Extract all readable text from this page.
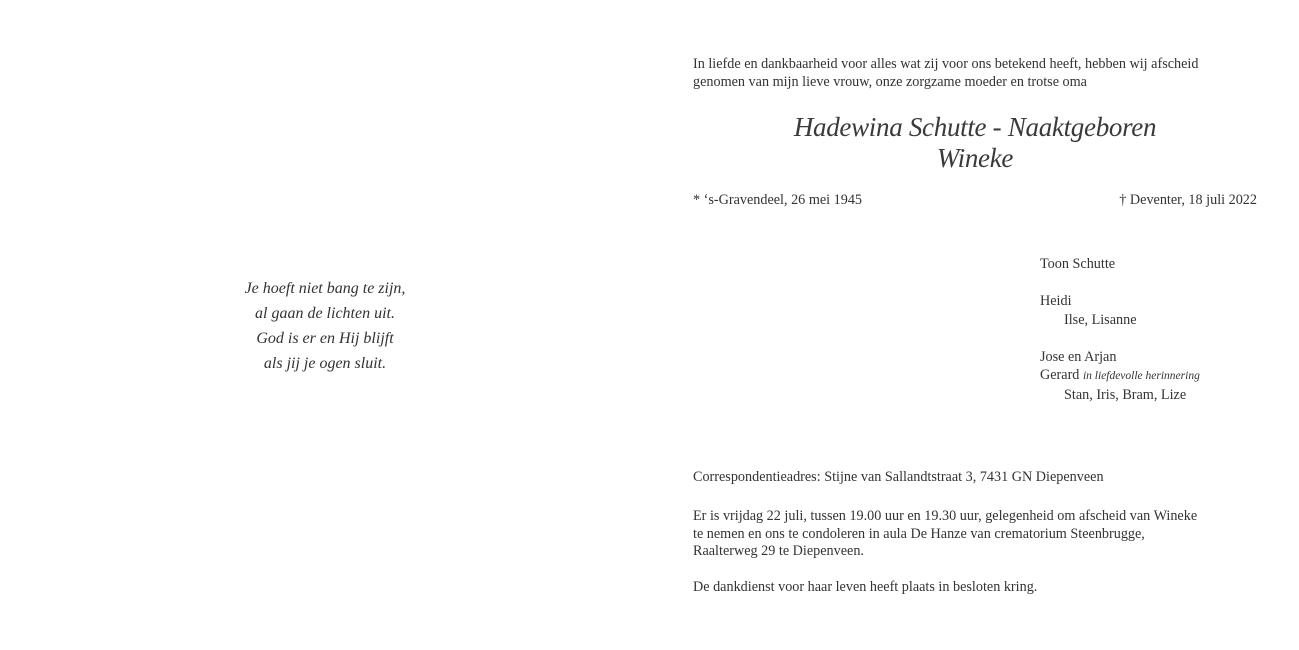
Je hoeft niet bang te zijn,
al gaan de lichten uit.
God is er en Hij blijft
als jij je ogen sluit.
In liefde en dankbaarheid voor alles wat zij voor ons betekend heeft, hebben wij afscheid
genomen van mijn lieve vrouw, onze zorgzame moeder en trotse oma
Hadewina Schutte - Naaktgeboren
Wineke
* ‘s-Gravendeel, 26 mei 1945	† Deventer, 18 juli 2022
Toon Schutte
Heidi
Ilse, Lisanne
Jose en Arjan
Gerard in liefdevolle herinnering
Stan, Iris, Bram, Lize
Correspondentieadres: Stijne van Sallandtstraat 3, 7431 GN Diepenveen
Er is vrijdag 22 juli, tussen 19.00 uur en 19.30 uur, gelegenheid om afscheid van Wineke
te nemen en ons te condoleren in aula De Hanze van crematorium Steenbrugge,
Raalterweg 29 te Diepenveen.
De dankdienst voor haar leven heeft plaats in besloten kring.
